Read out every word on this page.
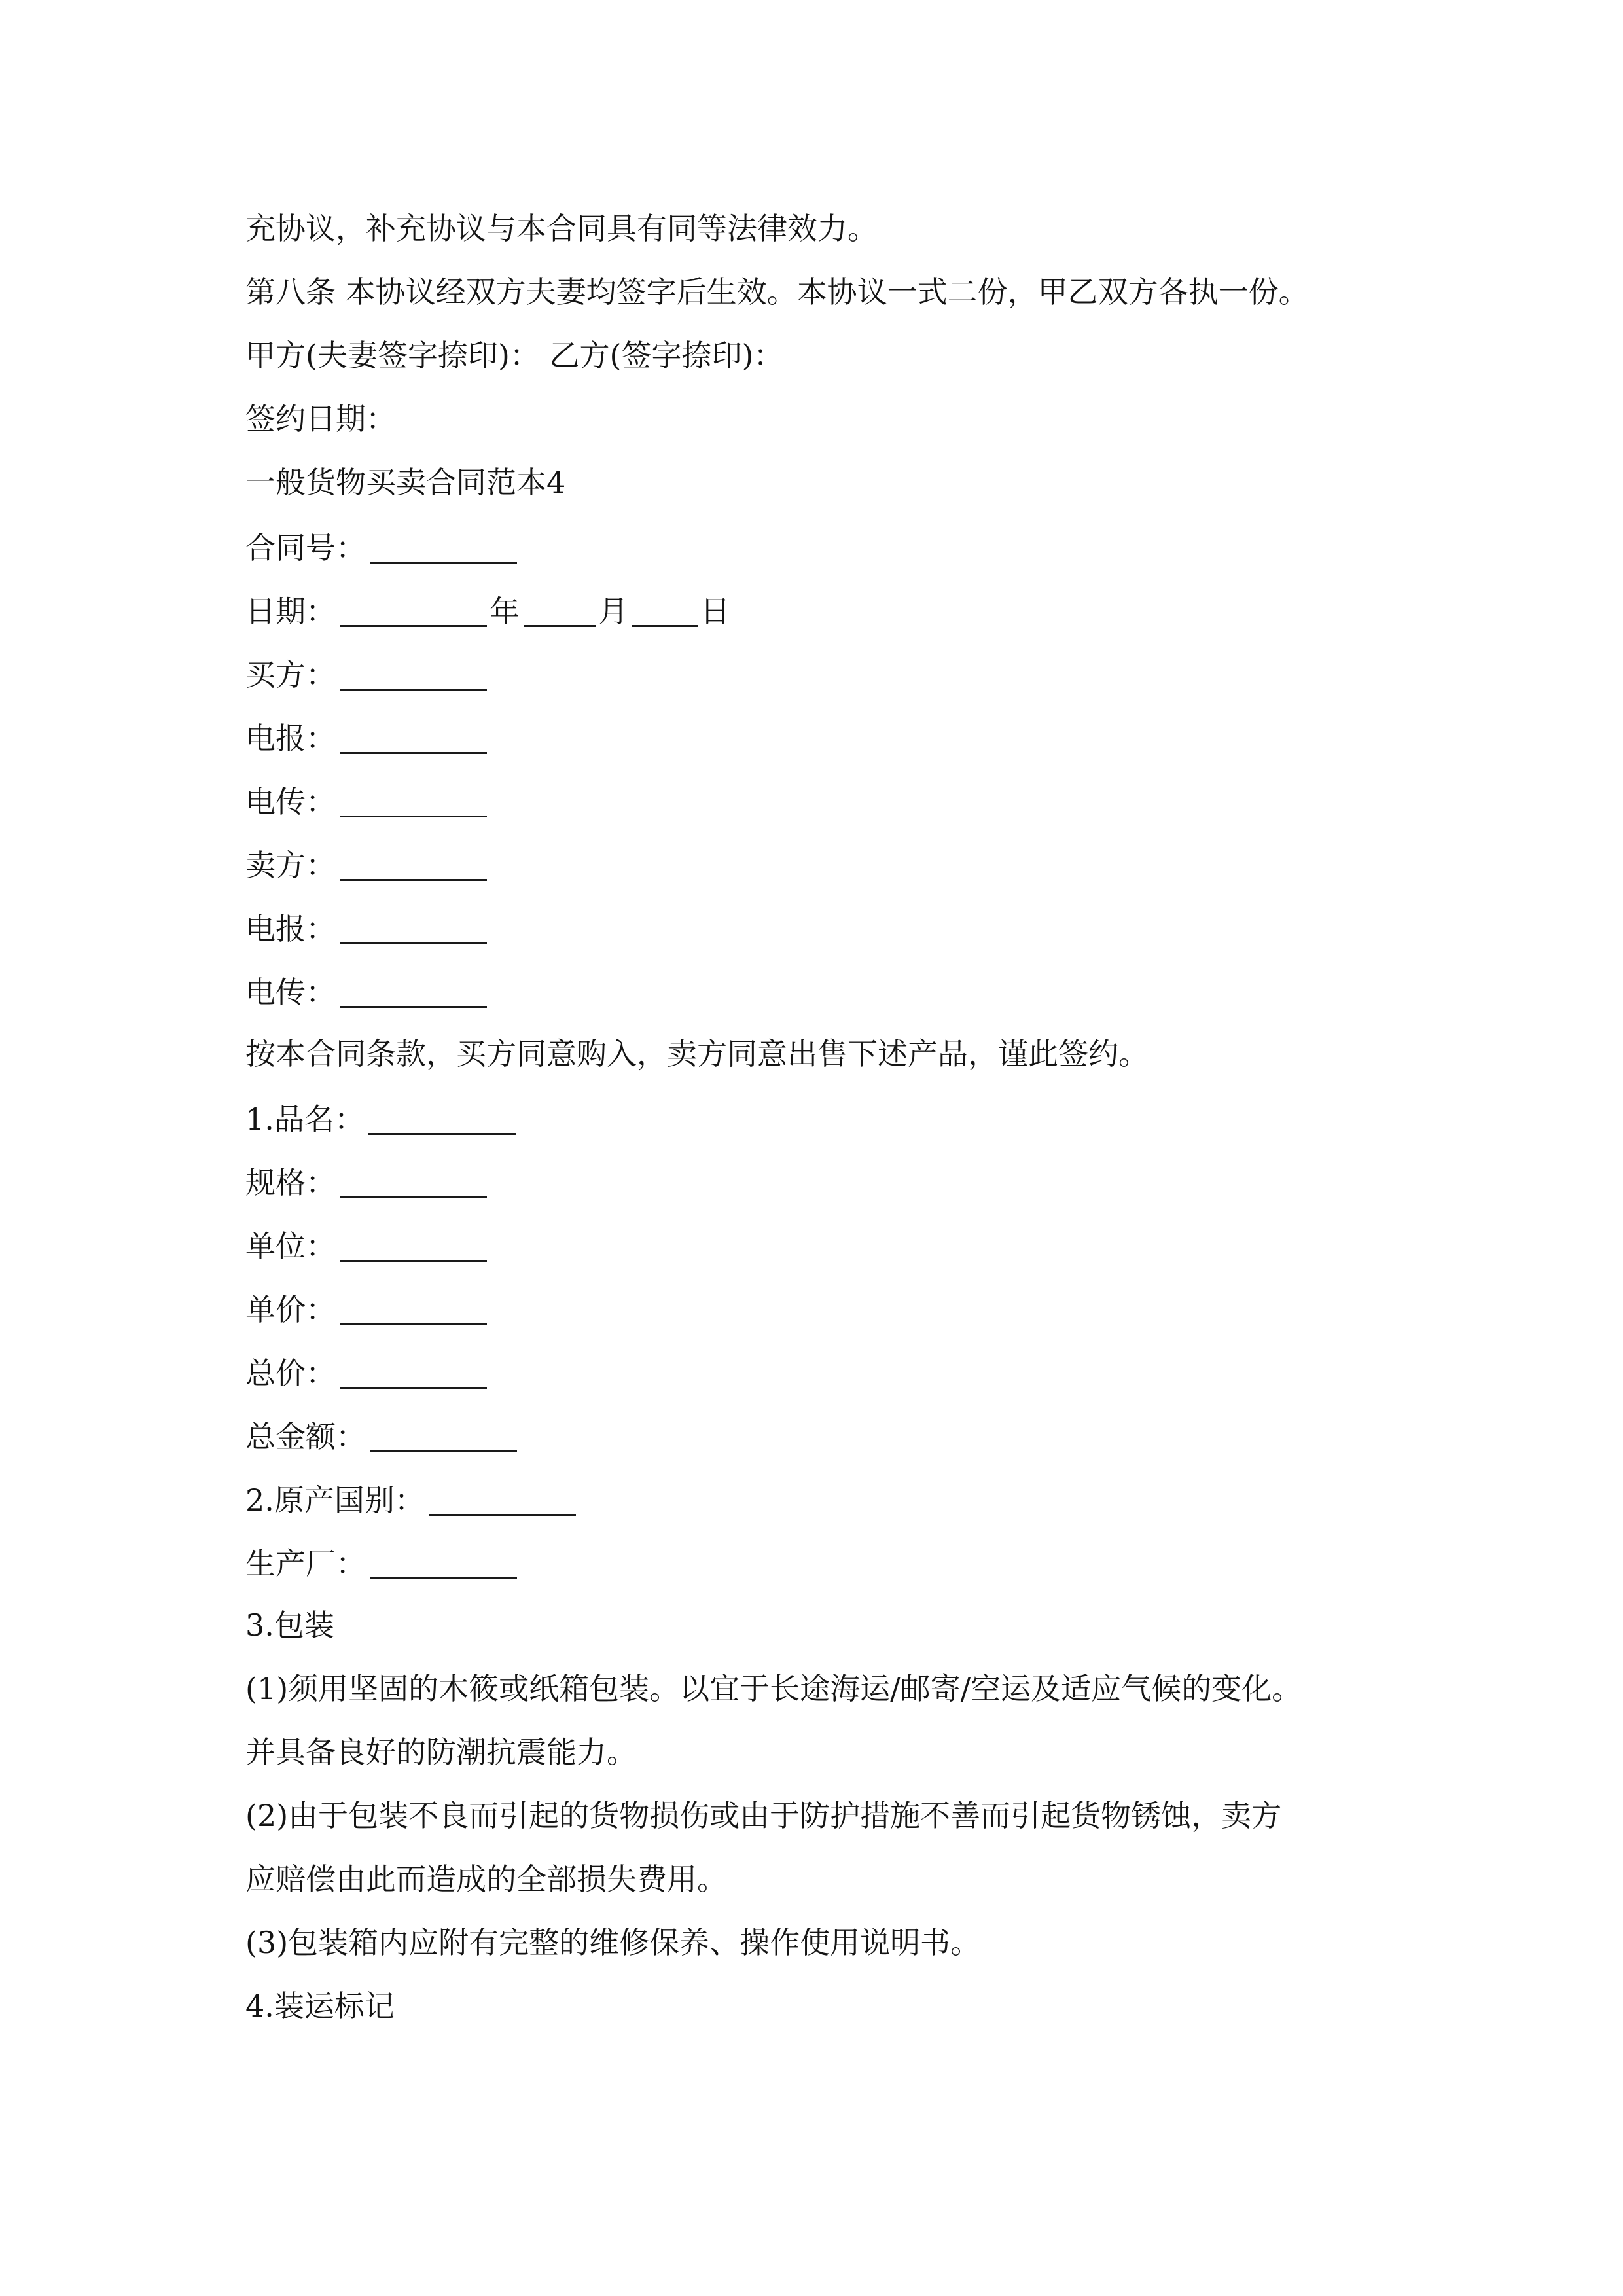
充协议，补充协议与本合同具有同等法律效力。
第八条 本协议经双方夫妻均签字后生效。本协议一式二份，甲乙双方各执一份。
甲方(夫妻签字捺印)： 乙方(签字捺印)：
签约日期：
一般货物买卖合同范本4
合同号：
日期：	年	月 日
买方：
电报：
电传：
卖方：
电报：
电传：
按本合同条款，买方同意购入，卖方同意出售下述产品，谨此签约。
1.品名：
规格：
单位：
单价：
总价：
总金额：
2.原产国别：
生产厂：
3.包装
(1)须用坚固的木筱或纸箱包装。以宜于长途海运/邮寄/空运及适应气候的变化。
并具备良好的防潮抗震能力。
(2)由于包装不良而引起的货物损伤或由于防护措施不善而引起货物锈蚀，卖方
应赔偿由此而造成的全部损失费用。
(3)包装箱内应附有完整的维修保养、操作使用说明书。
4.装运标记
